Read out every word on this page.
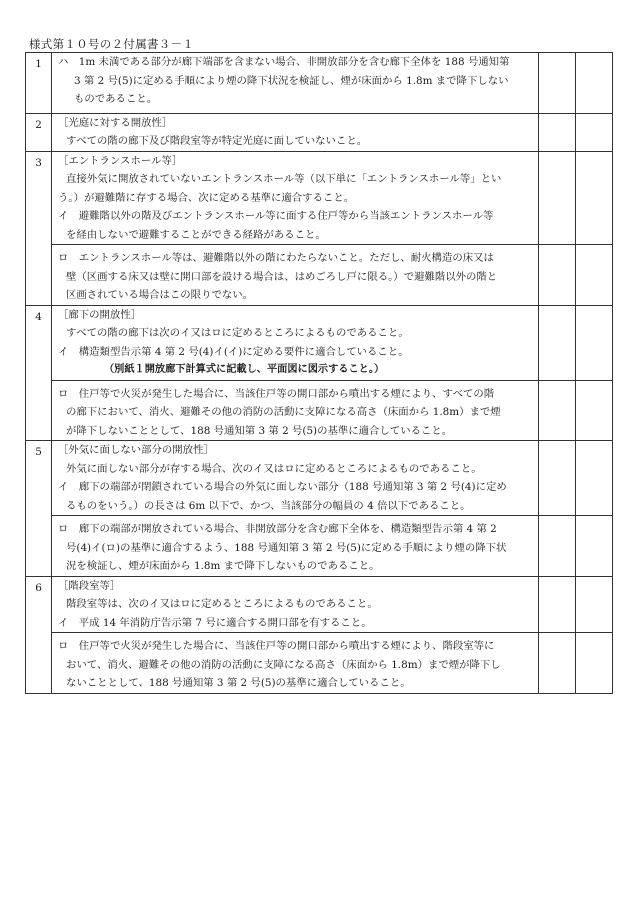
様式第１０号の２付属書３－１
1	ハ　1m 未満である部分が廊下端部を含まない場合、非開放部分を含む廊下全体を 188 号通知第
3 第 2 号(5)に定める手順により煙の降下状況を検証し、煙が床面から 1.8m まで降下しない
ものであること。		

2	［光庭に対する開放性］
すべての階の廊下及び階段室等が特定光庭に面していないこと。		

3	［エントランスホール等］
直接外気に開放されていないエントランスホール等（以下単に「エントランスホール等」とい
う。）が避難階に存する場合、次に定める基準に適合すること。
イ　避難階以外の階及びエントランスホール等に面する住戸等から当該エントランスホール等
を経由しないで避難することができる経路があること。		

	ロ　エントランスホール等は、避難階以外の階にわたらないこと。ただし、耐火構造の床又は
壁（区画する床又は壁に開口部を設ける場合は、はめごろし戸に限る。）で避難階以外の階と
区画されている場合はこの限りでない。		

4	［廊下の開放性］
すべての階の廊下は次のイ又はロに定めるところによるものであること。
イ　構造類型告示第 4 第 2 号(4)イ(イ)に定める要件に適合していること。
（別紙１開放廊下計算式に記載し、平面図に図示すること。）		

	ロ　住戸等で火災が発生した場合に、当該住戸等の開口部から噴出する煙により、すべての階
の廊下において、消火、避難その他の消防の活動に支障になる高さ（床面から 1.8m）まで煙
が降下しないこととして、188 号通知第 3 第 2 号(5)の基準に適合していること。		

5	［外気に面しない部分の開放性］
外気に面しない部分が存する場合、次のイ又はロに定めるところによるものであること。
イ　廊下の端部が閉鎖されている場合の外気に面しない部分（188 号通知第 3 第 2 号(4)に定め
るものをいう。）の長さは 6m 以下で、かつ、当該部分の幅員の 4 倍以下であること。		

	ロ　廊下の端部が開放されている場合、非開放部分を含む廊下全体を、構造類型告示第 4 第 2
号(4)イ(ロ)の基準に適合するよう、188 号通知第 3 第 2 号(5)に定める手順により煙の降下状
況を検証し、煙が床面から 1.8m まで降下しないものであること。		

6	［階段室等］
階段室等は、次のイ又はロに定めるところによるものであること。
イ　平成 14 年消防庁告示第 7 号に適合する開口部を有すること。		

	ロ　住戸等で火災が発生した場合に、当該住戸等の開口部から噴出する煙により、階段室等に
おいて、消火、避難その他の消防の活動に支障になる高さ（床面から 1.8m）まで煙が降下し
ないこととして、188 号通知第 3 第 2 号(5)の基準に適合していること。		
